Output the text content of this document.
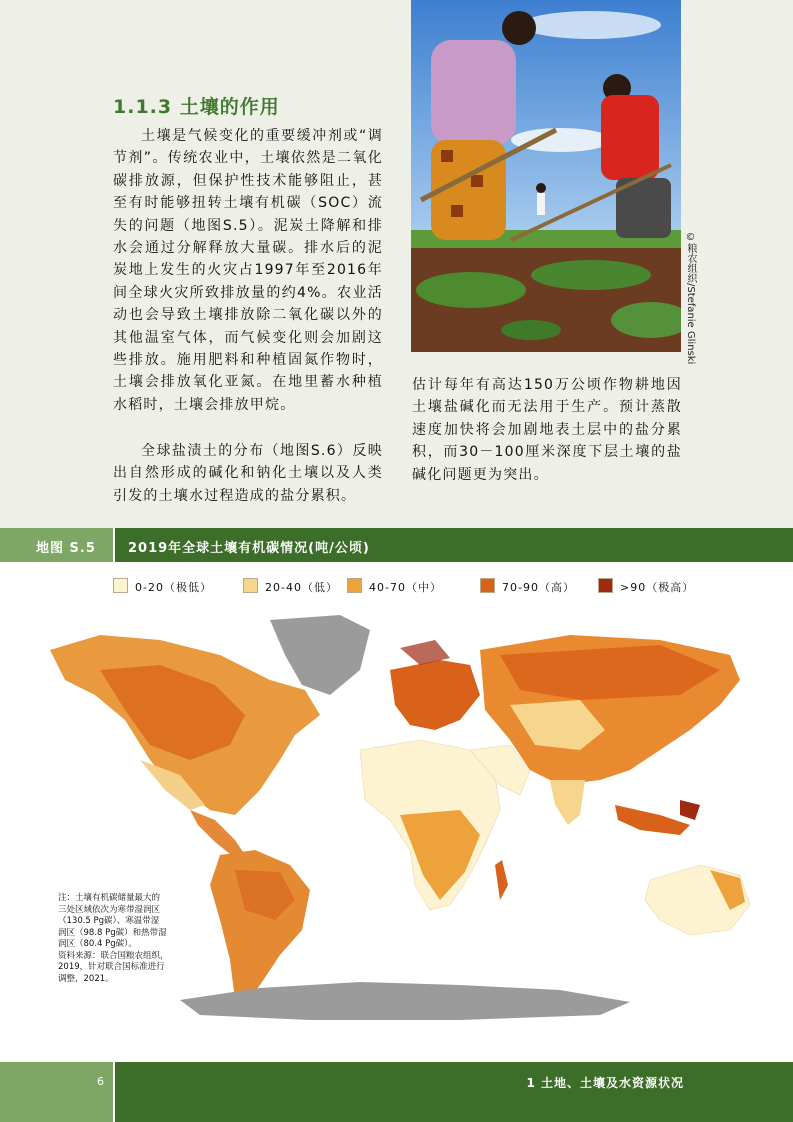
1.1.3 土壤的作用

土壤是气候变化的重要缓冲剂或“调节剂”。传统农业中，土壤依然是二氧化碳排放源，但保护性技术能够阻止，甚至有时能够扭转土壤有机碳（SOC）流失的问题（地图S.5）。泥炭土降解和排水会通过分解释放大量碳。排水后的泥炭地上发生的火灾占1997年至2016年间全球火灾所致排放量的约4%。农业活动也会导致土壤排放除二氧化碳以外的其他温室气体，而气候变化则会加剧这些排放。施用肥料和种植固氮作物时，土壤会排放氧化亚氮。在地里蓄水种植水稻时，土壤会排放甲烷。

全球盐渍土的分布（地图S.6）反映出自然形成的碱化和钠化土壤以及人类引发的土壤水过程造成的盐分累积。

估计每年有高达150万公顷作物耕地因土壤盐碱化而无法用于生产。预计蒸散速度加快将会加剧地表土层中的盐分累积，而30－100厘米深度下层土壤的盐碱化问题更为突出。

©粮农组织/Stefanie Glinski
地图 S.5 2019年全球土壤有机碳情况(吨/公顷)
0-20（极低）	20-40（低）	40-70（中）	70-90（高）	>90（极高）
注：土壤有机碳储量最大的
三处区域依次为寒带湿润区
（130.5 Pg碳）、寒温带湿
润区（98.8 Pg碳）和热带湿
润区（80.4 Pg碳）。
资料来源：联合国粮农组织，
2019，针对联合国标准进行
调整，2021。
6	1 土地、土壤及水资源状况
